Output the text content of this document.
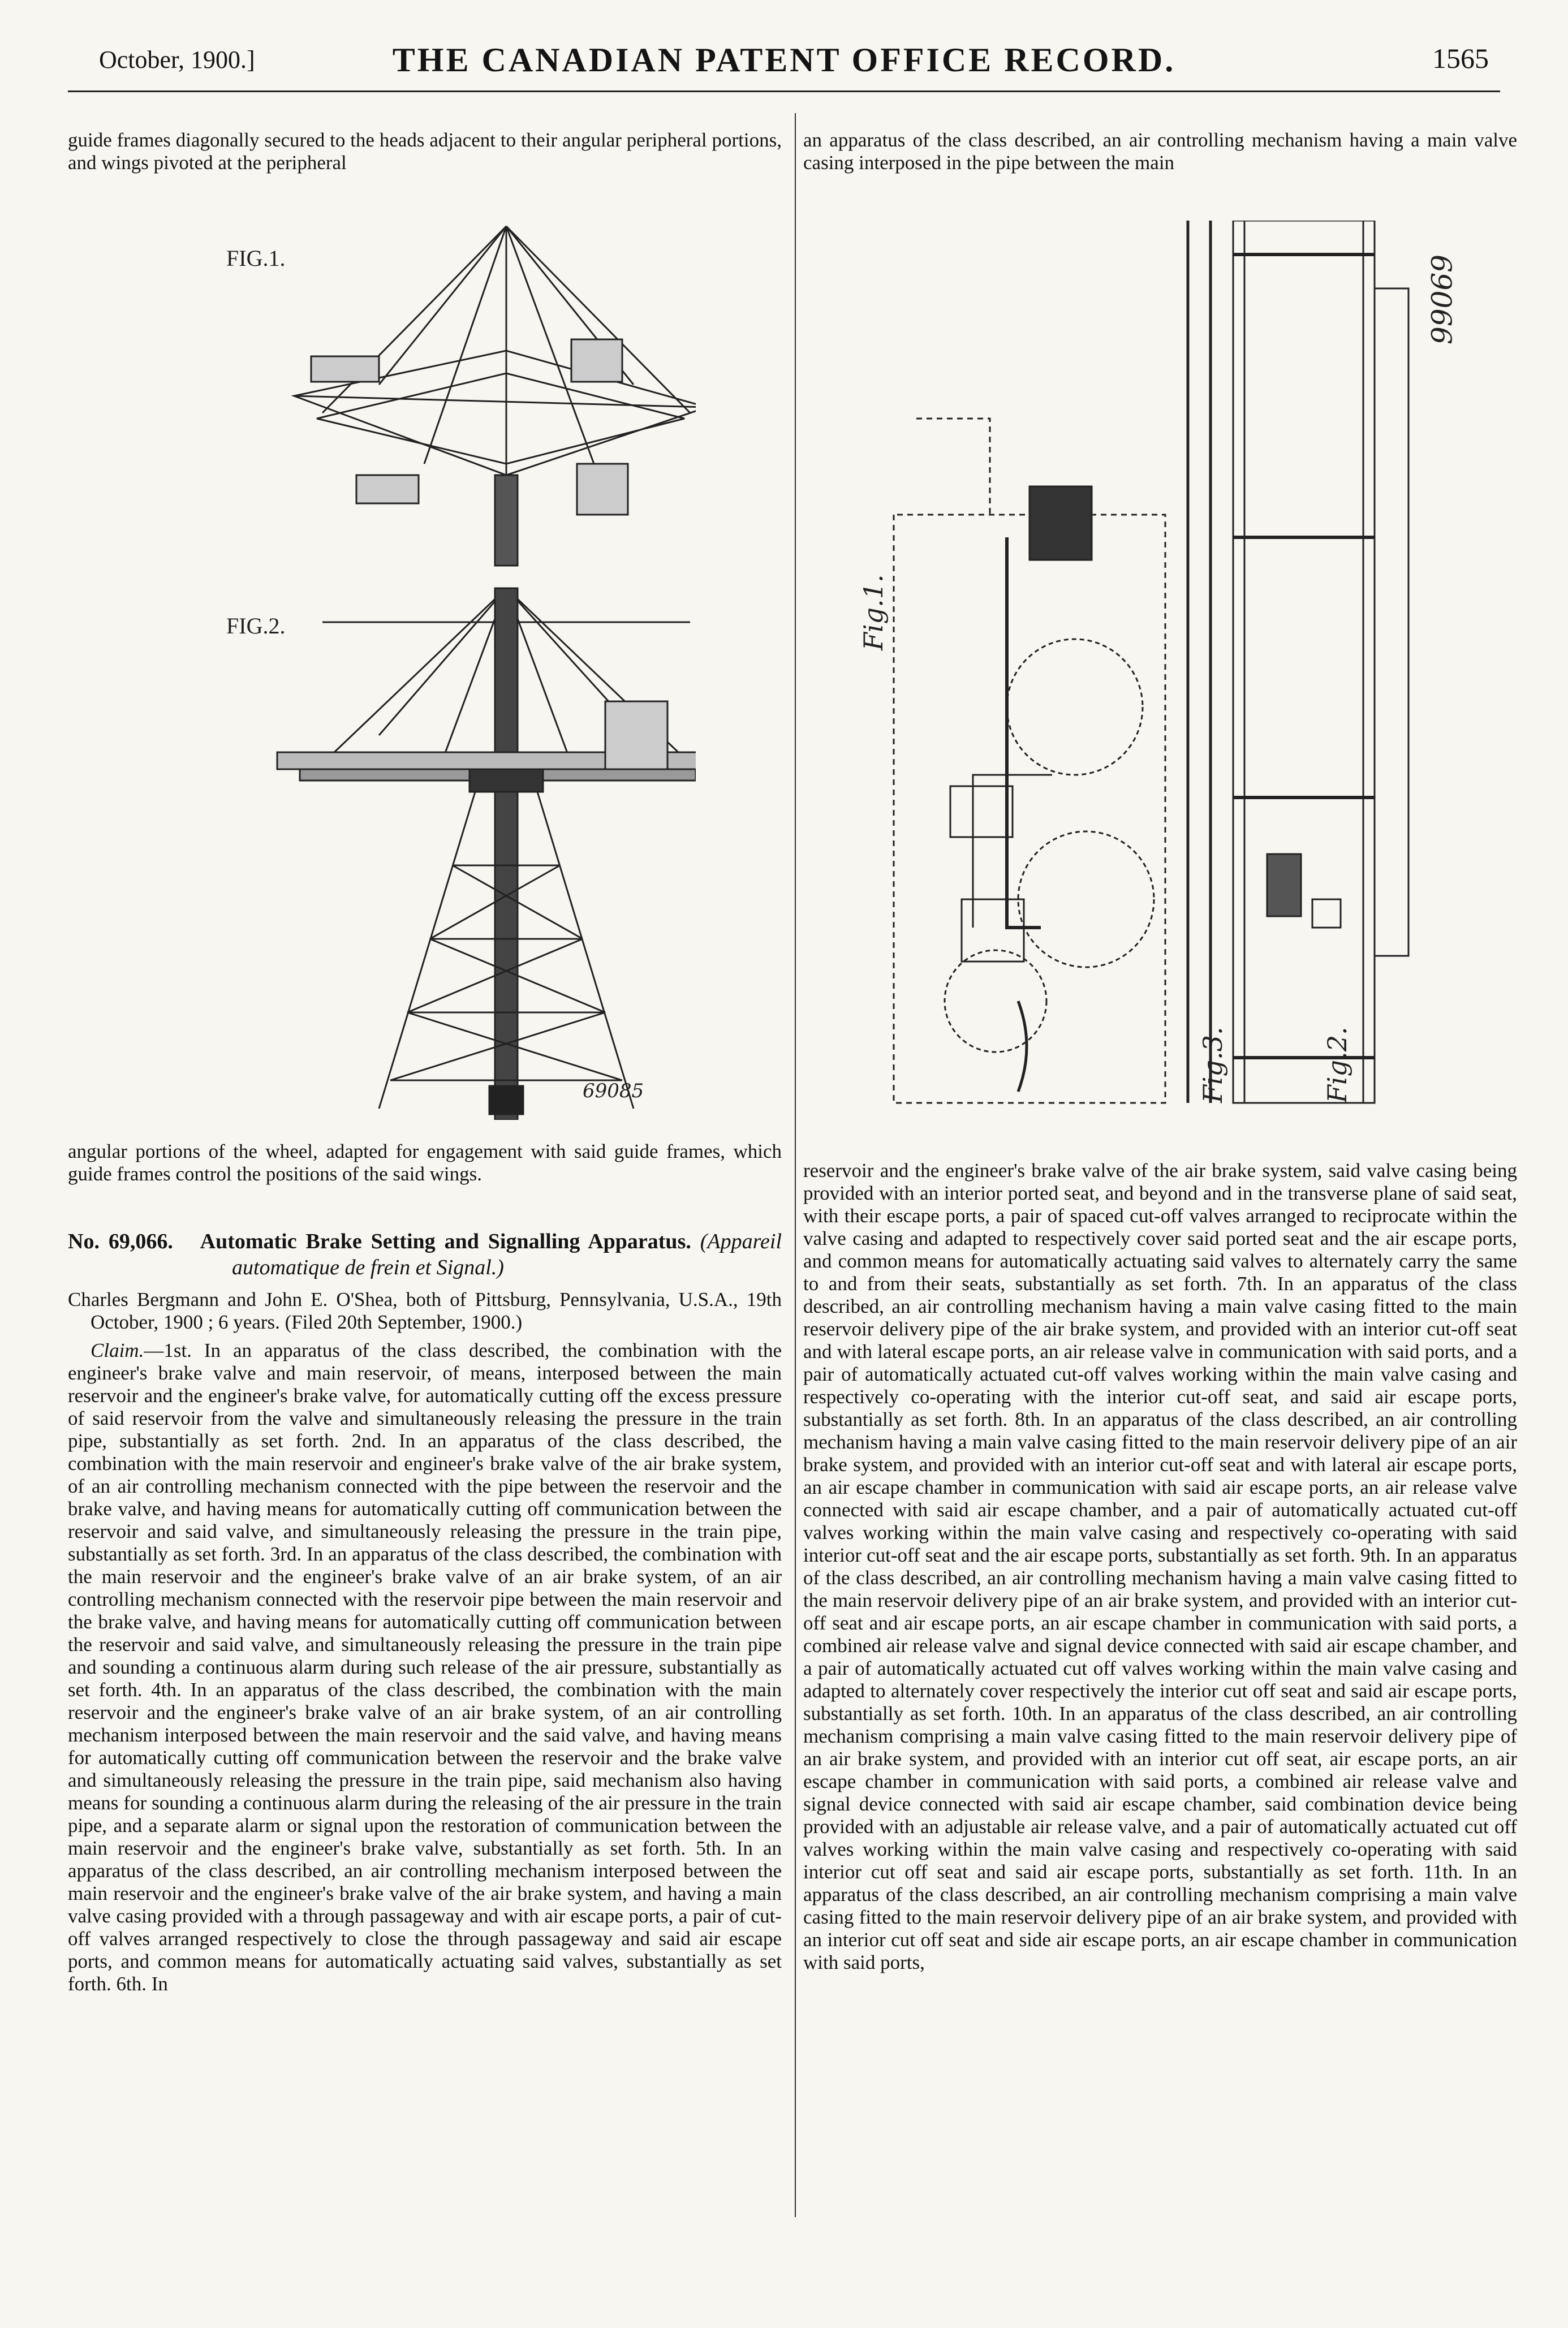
October, 1900.]	THE CANADIAN PATENT OFFICE RECORD.	1565

guide frames diagonally secured to the heads adjacent to their angular peripheral portions, and wings pivoted at the peripheral

FIG.1.
FIG.2.
69085

angular portions of the wheel, adapted for engagement with said guide frames, which guide frames control the positions of the said wings.

No. 69,066. Automatic Brake Setting and Signalling Apparatus. (Appareil automatique de frein et Signal.)

Charles Bergmann and John E. O'Shea, both of Pittsburg, Pennsylvania, U.S.A., 19th October, 1900 ; 6 years. (Filed 20th September, 1900.)

Claim.—1st. In an apparatus of the class described, the combination with the engineer's brake valve and main reservoir, of means, interposed between the main reservoir and the engineer's brake valve, for automatically cutting off the excess pressure of said reservoir from the valve and simultaneously releasing the pressure in the train pipe, substantially as set forth. 2nd. In an apparatus of the class described, the combination with the main reservoir and engineer's brake valve of the air brake system, of an air controlling mechanism connected with the pipe between the reservoir and the brake valve, and having means for automatically cutting off communication between the reservoir and said valve, and simultaneously releasing the pressure in the train pipe, substantially as set forth. 3rd. In an apparatus of the class described, the combination with the main reservoir and the engineer's brake valve of an air brake system, of an air controlling mechanism connected with the reservoir pipe between the main reservoir and the brake valve, and having means for automatically cutting off communication between the reservoir and said valve, and simultaneously releasing the pressure in the train pipe and sounding a continuous alarm during such release of the air pressure, substantially as set forth. 4th. In an apparatus of the class described, the combination with the main reservoir and the engineer's brake valve of an air brake system, of an air controlling mechanism interposed between the main reservoir and the said valve, and having means for automatically cutting off communication between the reservoir and the brake valve and simultaneously releasing the pressure in the train pipe, said mechanism also having means for sounding a continuous alarm during the releasing of the air pressure in the train pipe, and a separate alarm or signal upon the restoration of communication between the main reservoir and the engineer's brake valve, substantially as set forth. 5th. In an apparatus of the class described, an air controlling mechanism interposed between the main reservoir and the engineer's brake valve of the air brake system, and having a main valve casing provided with a through passageway and with air escape ports, a pair of cut-off valves arranged respectively to close the through passageway and said air escape ports, and common means for automatically actuating said valves, substantially as set forth. 6th. In

an apparatus of the class described, an air controlling mechanism having a main valve casing interposed in the pipe between the main

Fig.1.
Fig.3.	Fig.2.
69066

reservoir and the engineer's brake valve of the air brake system, said valve casing being provided with an interior ported seat, and beyond and in the transverse plane of said seat, with their escape ports, a pair of spaced cut-off valves arranged to reciprocate within the valve casing and adapted to respectively cover said ported seat and the air escape ports, and common means for automatically actuating said valves to alternately carry the same to and from their seats, substantially as set forth. 7th. In an apparatus of the class described, an air controlling mechanism having a main valve casing fitted to the main reservoir delivery pipe of the air brake system, and provided with an interior cut-off seat and with lateral escape ports, an air release valve in communication with said ports, and a pair of automatically actuated cut-off valves working within the main valve casing and respectively co-operating with the interior cut-off seat, and said air escape ports, substantially as set forth. 8th. In an apparatus of the class described, an air controlling mechanism having a main valve casing fitted to the main reservoir delivery pipe of an air brake system, and provided with an interior cut-off seat and with lateral air escape ports, an air escape chamber in communication with said air escape ports, an air release valve connected with said air escape chamber, and a pair of automatically actuated cut-off valves working within the main valve casing and respectively co-operating with said interior cut-off seat and the air escape ports, substantially as set forth. 9th. In an apparatus of the class described, an air controlling mechanism having a main valve casing fitted to the main reservoir delivery pipe of an air brake system, and provided with an interior cut-off seat and air escape ports, an air escape chamber in communication with said ports, a combined air release valve and signal device connected with said air escape chamber, and a pair of automatically actuated cut off valves working within the main valve casing and adapted to alternately cover respectively the interior cut off seat and said air escape ports, substantially as set forth. 10th. In an apparatus of the class described, an air controlling mechanism comprising a main valve casing fitted to the main reservoir delivery pipe of an air brake system, and provided with an interior cut off seat, air escape ports, an air escape chamber in communication with said ports, a combined air release valve and signal device connected with said air escape chamber, said combination device being provided with an adjustable air release valve, and a pair of automatically actuated cut off valves working within the main valve casing and respectively co-operating with said interior cut off seat and said air escape ports, substantially as set forth. 11th. In an apparatus of the class described, an air controlling mechanism comprising a main valve casing fitted to the main reservoir delivery pipe of an air brake system, and provided with an interior cut off seat and side air escape ports, an air escape chamber in communication with said ports,
